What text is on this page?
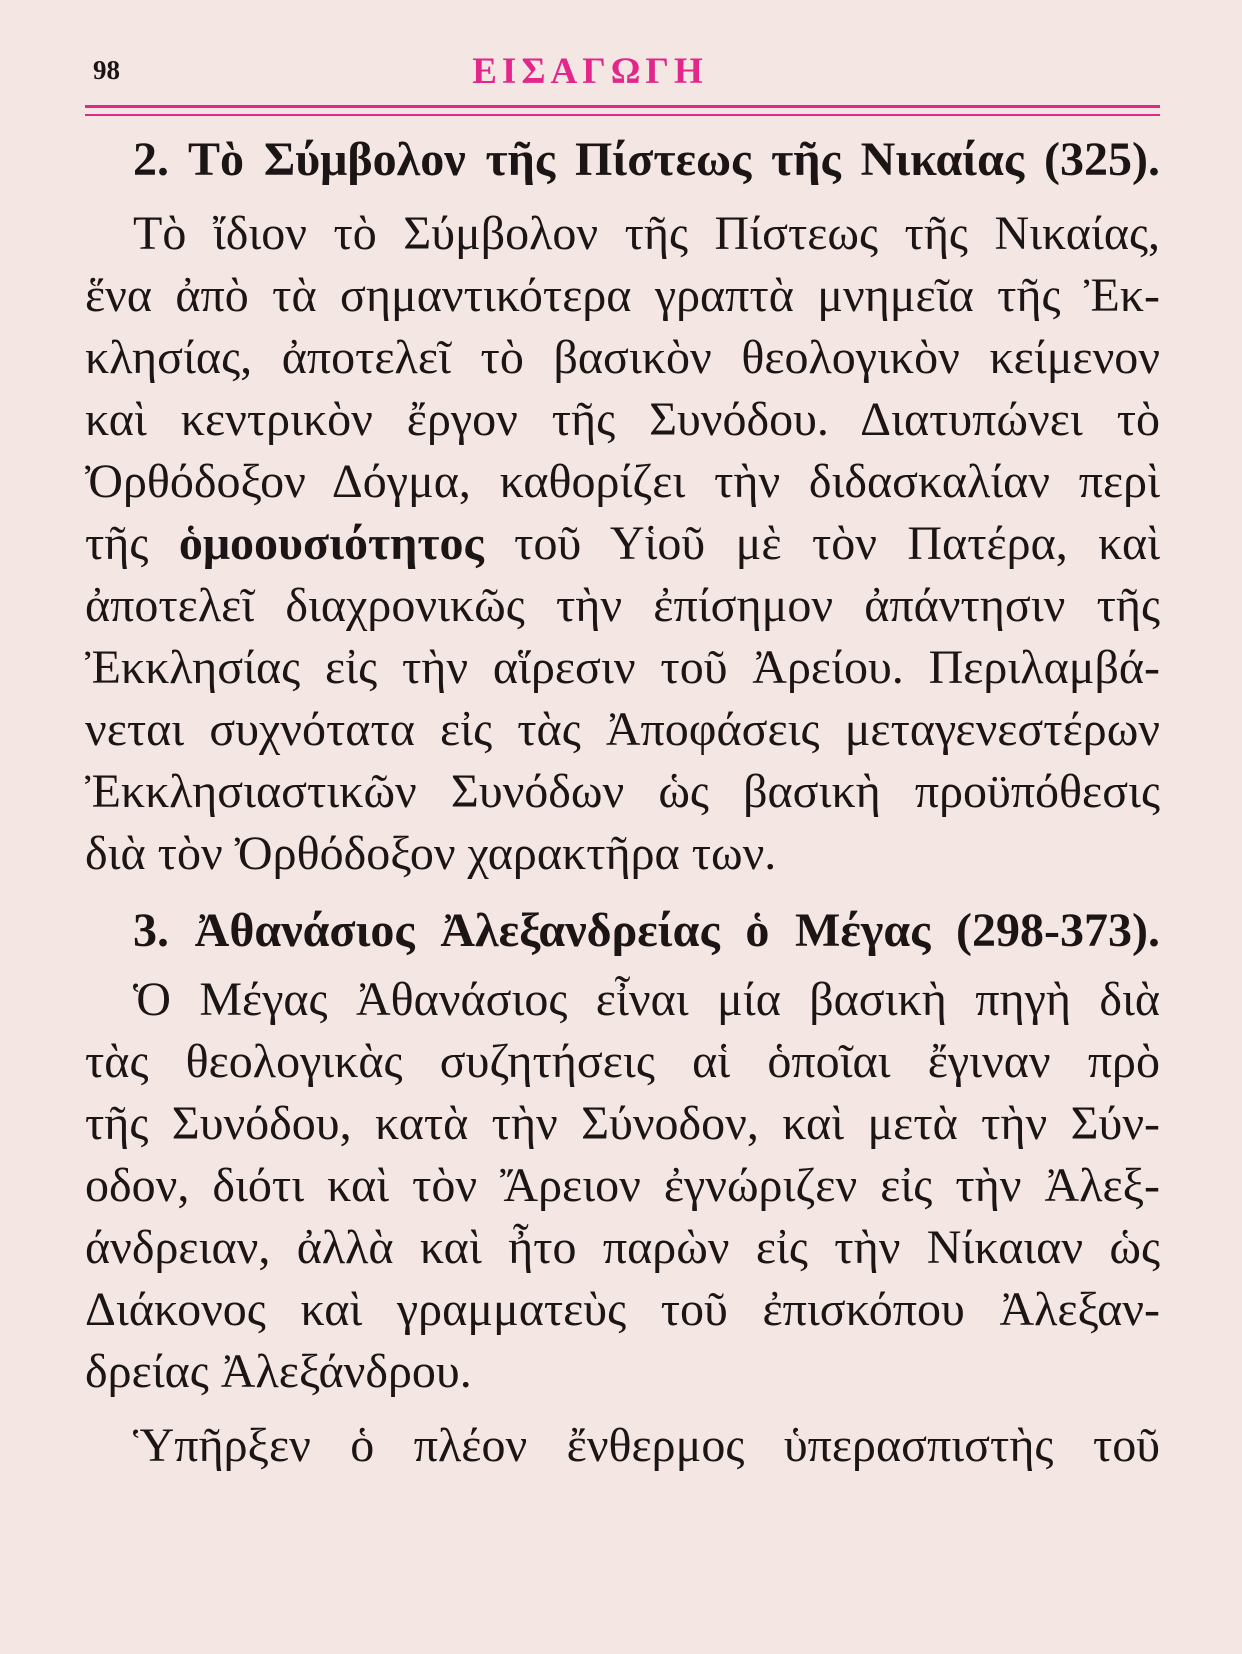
98	ΕΙΣΑΓΩΓΗ
2. Τὸ Σύμβολον τῆς Πίστεως τῆς Νικαίας (325).
Τὸ ἴδιον τὸ Σύμβολον τῆς Πίστεως τῆς Νικαίας,
ἕνα ἀπὸ τὰ σημαντικότερα γραπτὰ μνημεῖα τῆς Ἐκ-
κλησίας, ἀποτελεῖ τὸ βασικὸν θεολογικὸν κείμενον
καὶ κεντρικὸν ἔργον τῆς Συνόδου. Διατυπώνει τὸ
Ὀρθόδοξον Δόγμα, καθορίζει τὴν διδασκαλίαν περὶ
τῆς ὁμοουσιότητος τοῦ Υἱοῦ μὲ τὸν Πατέρα, καὶ
ἀποτελεῖ διαχρονικῶς τὴν ἐπίσημον ἀπάντησιν τῆς
Ἐκκλησίας εἰς τὴν αἵρεσιν τοῦ Ἀρείου. Περιλαμβά-
νεται συχνότατα εἰς τὰς Ἀποφάσεις μεταγενεστέρων
Ἐκκλησιαστικῶν Συνόδων ὡς βασικὴ προϋπόθεσις
διὰ τὸν Ὀρθόδοξον χαρακτῆρα των.
3. Ἀθανάσιος Ἀλεξανδρείας ὁ Μέγας (298-373).
Ὁ Μέγας Ἀθανάσιος εἶναι μία βασικὴ πηγὴ διὰ
τὰς θεολογικὰς συζητήσεις αἱ ὁποῖαι ἔγιναν πρὸ
τῆς Συνόδου, κατὰ τὴν Σύνοδον, καὶ μετὰ τὴν Σύν-
οδον, διότι καὶ τὸν Ἄρειον ἐγνώριζεν εἰς τὴν Ἀλεξ-
άνδρειαν, ἀλλὰ καὶ ἦτο παρὼν εἰς τὴν Νίκαιαν ὡς
Διάκονος καὶ γραμματεὺς τοῦ ἐπισκόπου Ἀλεξαν-
δρείας Ἀλεξάνδρου.
Ὑπῆρξεν ὁ πλέον ἔνθερμος ὑπερασπιστὴς τοῦ
